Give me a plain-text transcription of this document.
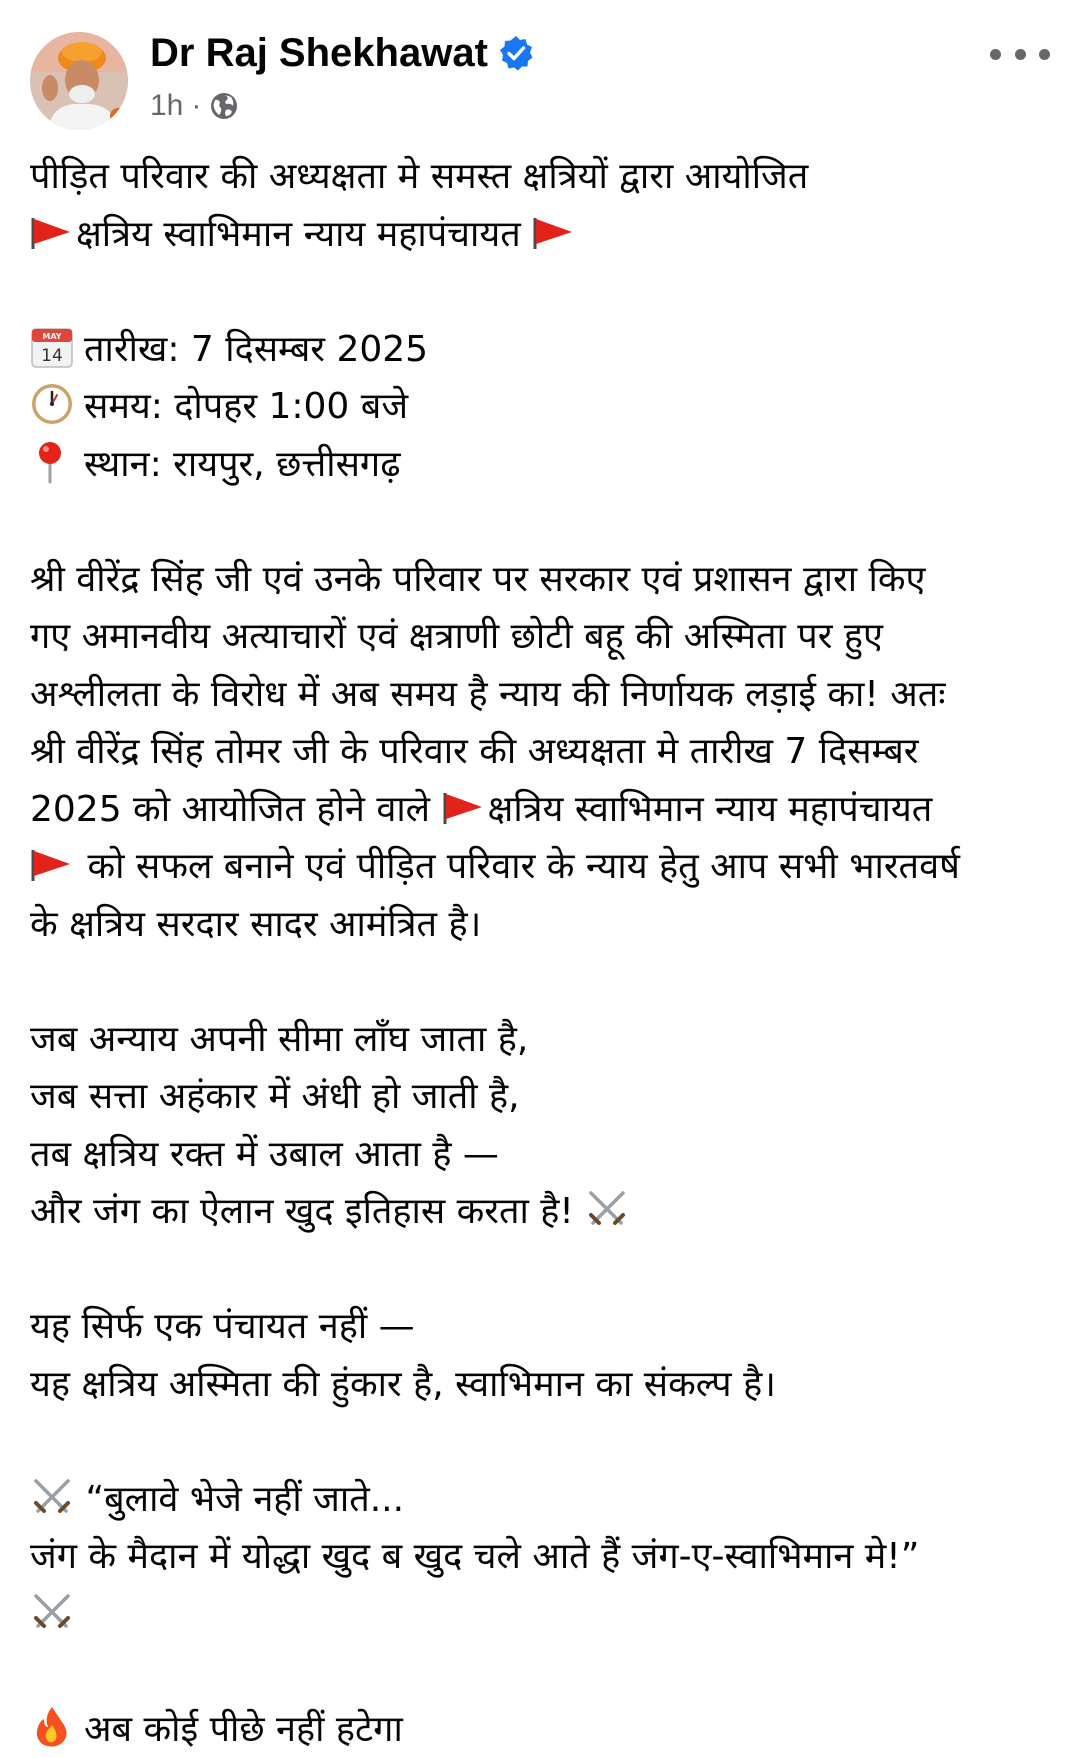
Dr Raj Shekhawat
1h ·

पीड़ित परिवार की अध्यक्षता मे समस्त क्षत्रियों द्वारा आयोजित

क्षत्रिय स्वाभिमान न्याय महापंचायत

MAY
14 तारीख: 7 दिसम्बर 2025

समय: दोपहर 1:00 बजे

स्थान: रायपुर, छत्तीसगढ़

श्री वीरेंद्र सिंह जी एवं उनके परिवार पर सरकार एवं प्रशासन द्वारा किए

गए अमानवीय अत्याचारों एवं क्षत्राणी छोटी बहू की अस्मिता पर हुए

अश्लीलता के विरोध में अब समय है न्याय की निर्णायक लड़ाई का! अतः

श्री वीरेंद्र सिंह तोमर जी के परिवार की अध्यक्षता मे तारीख 7 दिसम्बर

2025 को आयोजित होने वाले क्षत्रिय स्वाभिमान न्याय महापंचायत

को सफल बनाने एवं पीड़ित परिवार के न्याय हेतु आप सभी भारतवर्ष

के क्षत्रिय सरदार सादर आमंत्रित है।

जब अन्याय अपनी सीमा लाँघ जाता है,

जब सत्ता अहंकार में अंधी हो जाती है,

तब क्षत्रिय रक्त में उबाल आता है —

और जंग का ऐलान खुद इतिहास करता है!

यह सिर्फ एक पंचायत नहीं —

यह क्षत्रिय अस्मिता की हुंकार है, स्वाभिमान का संकल्प है।

“बुलावे भेजे नहीं जाते...

जंग के मैदान में योद्धा खुद ब खुद चले आते हैं जंग-ए-स्वाभिमान मे!”

अब कोई पीछे नहीं हटेगा
